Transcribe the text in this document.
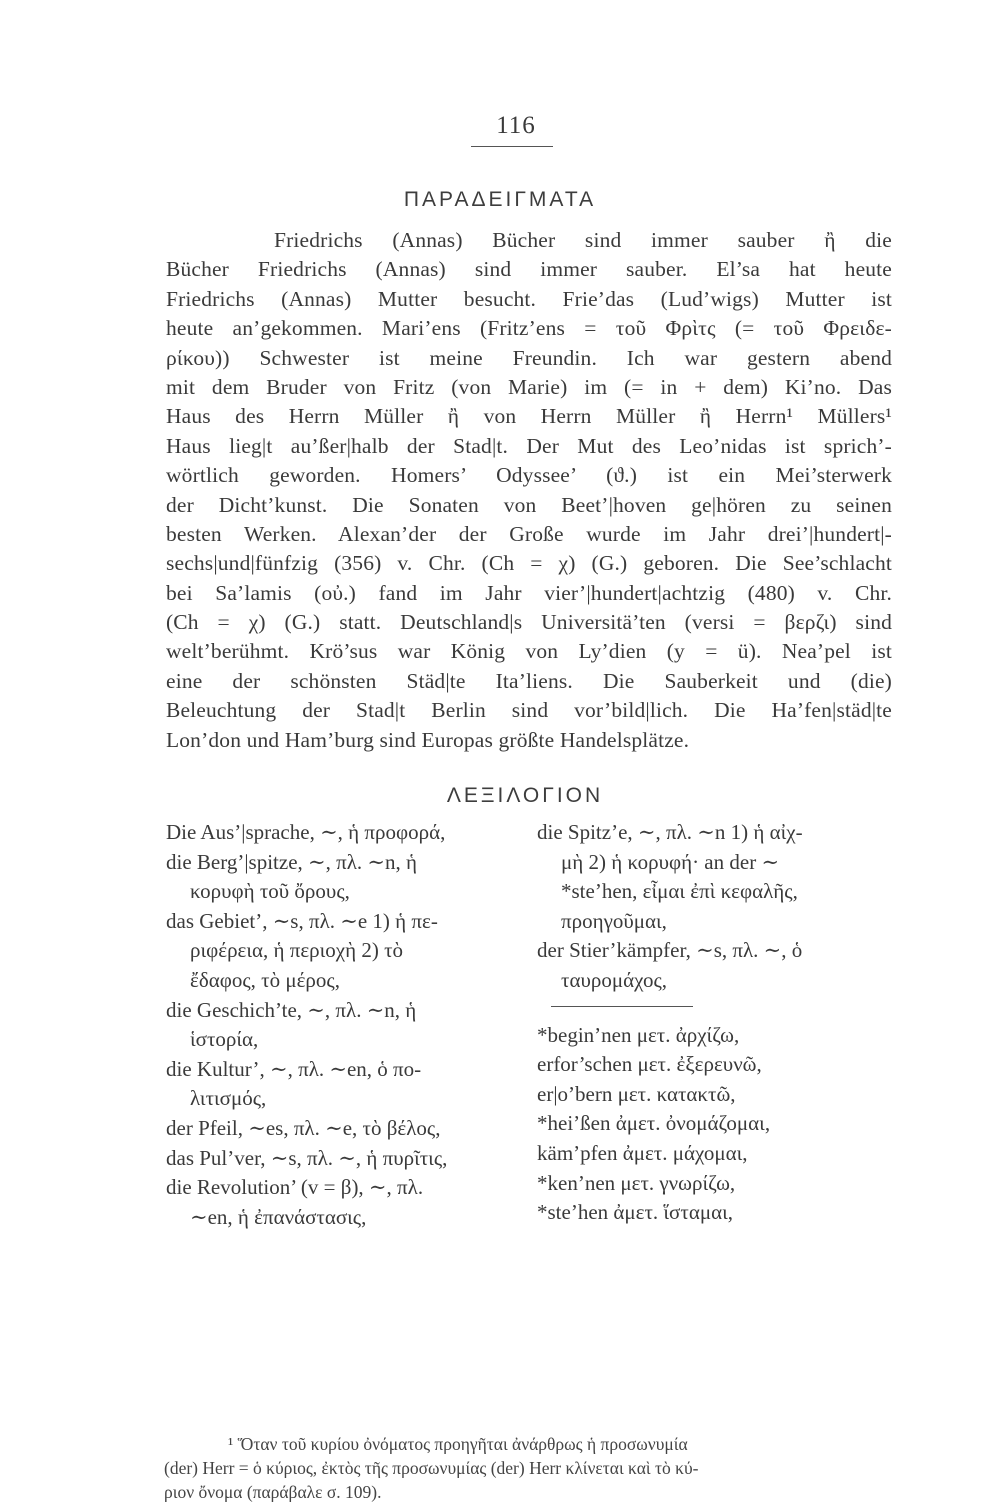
116
ΠΑΡΑΔΕΙΓΜΑΤΑ
Friedrichs (Annas) Bücher sind immer sauber ἢ die
Bücher Friedrichs (Annas) sind immer sauber. El’sa hat heute
Friedrichs (Annas) Mutter besucht. Frie’das (Lud’wigs) Mutter ist
heute an’gekommen. Mari’ens (Fritz’ens = τοῦ Φρὶτς (= τοῦ Φρειδε-
ρίκου)) Schwester ist meine Freundin. Ich war gestern abend
mit dem Bruder von Fritz (von Marie) im (= in + dem) Ki’no. Das
Haus des Herrn Müller ἢ von Herrn Müller ἢ Herrn¹ Müllers¹
Haus lieg|t au’ßer|halb der Stad|t. Der Mut des Leo’nidas ist sprich’-
wörtlich geworden. Homers’ Odyssee’ (ϑ.) ist ein Mei’sterwerk
der Dicht’kunst. Die Sonaten von Beet’|hoven ge|hören zu seinen
besten Werken. Alexan’der der Große wurde im Jahr drei’|hundert|-
sechs|und|fünfzig (356) v. Chr. (Ch = χ) (G.) geboren. Die See’schlacht
bei Sa’lamis (οὐ.) fand im Jahr vier’|hundert|achtzig (480) v. Chr.
(Ch = χ) (G.) statt. Deutschland|s Universitä’ten (versi = βερζι) sind
welt’berühmt. Krö’sus war König von Ly’dien (y = ü). Nea’pel ist
eine der schönsten Städ|te Ita’liens. Die Sauberkeit und (die)
Beleuchtung der Stad|t Berlin sind vor’bild|lich. Die Ha’fen|städ|te
Lon’don und Ham’burg sind Europas größte Handelsplätze.
ΛΕΞΙΛΟΓΙΟΝ
Die Aus’|sprache, ∼, ἡ προφορά,
die Berg’|spitze, ∼, πλ. ∼n, ἡ
κορυφὴ τοῦ ὄρους,
das Gebiet’, ∼s, πλ. ∼e 1) ἡ πε-
ριφέρεια, ἡ περιοχὴ 2) τὸ
ἔδαφος, τὸ μέρος,
die Geschich’te, ∼, πλ. ∼n, ἡ
ἱστορία,
die Kultur’, ∼, πλ. ∼en, ὁ πο-
λιτισμός,
der Pfeil, ∼es, πλ. ∼e, τὸ βέλος,
das Pul’ver, ∼s, πλ. ∼, ἡ πυρῖτις,
die Revolution’ (v = β), ∼, πλ.
∼en, ἡ ἐπανάστασις,
die Spitz’e, ∼, πλ. ∼n 1) ἡ αἰχ-
μὴ 2) ἡ κορυφή· an der ∼
*ste’hen, εἶμαι ἐπὶ κεφαλῆς,
προηγοῦμαι,
der Stier’kämpfer, ∼s, πλ. ∼, ὁ
ταυρομάχος,
*begin’nen μετ. ἀρχίζω,
erfor’schen μετ. ἐξερευνῶ,
er|o’bern μετ. κατακτῶ,
*hei’ßen ἀμετ. ὀνομάζομαι,
käm’pfen ἀμετ. μάχομαι,
*ken’nen μετ. γνωρίζω,
*ste’hen ἀμετ. ἵσταμαι,
¹ Ὅταν τοῦ κυρίου ὀνόματος προηγῆται ἀνάρθρως ἡ προσωνυμία
(der) Herr = ὁ κύριος, ἐκτὸς τῆς προσωνυμίας (der) Herr κλίνεται καὶ τὸ κύ-
ριον ὄνομα (παράβαλε σ. 109).
